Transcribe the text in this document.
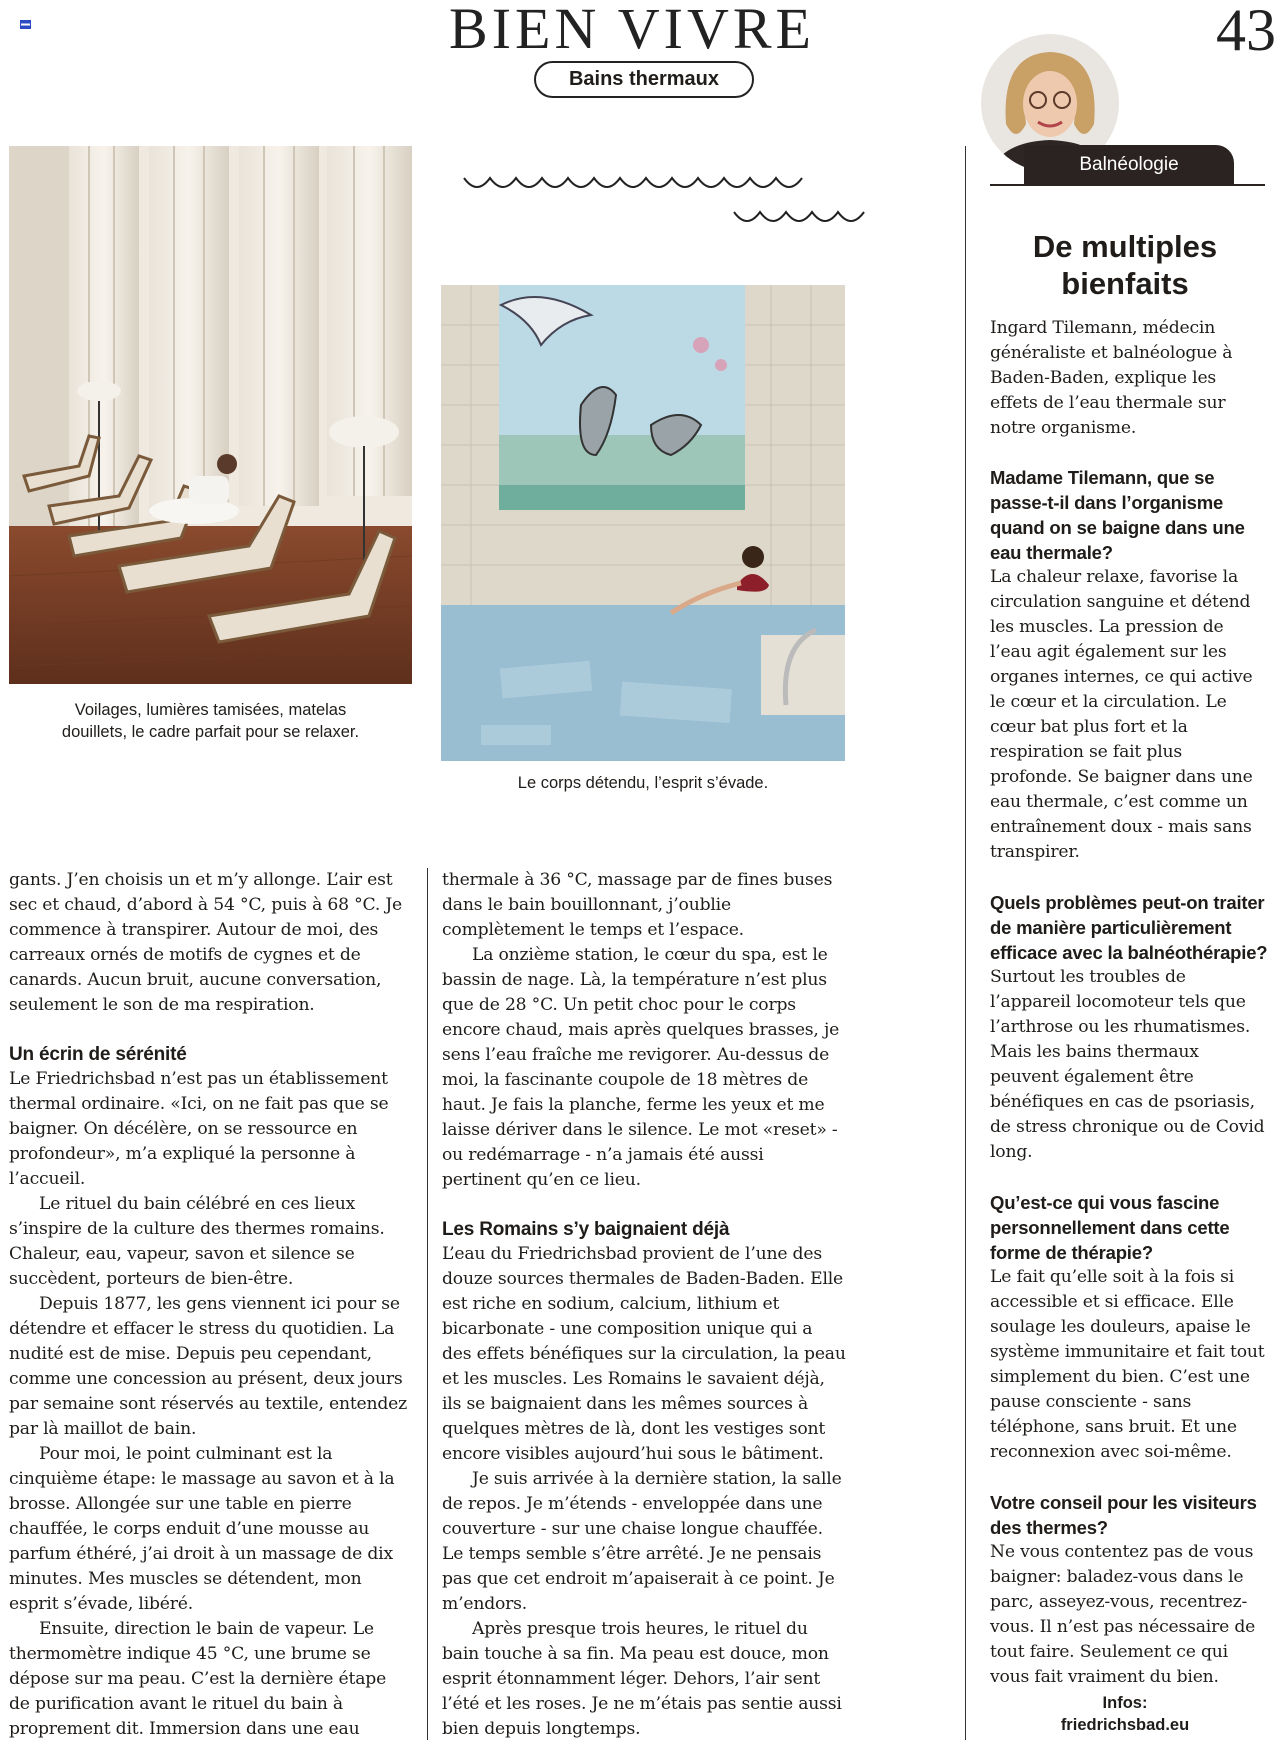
BIEN VIVRE
Bains thermaux
43
Voilages, lumières tamisées, matelas
douillets, le cadre parfait pour se relaxer.
Le corps détendu, l’esprit s’évade.

gants. J’en choisis un et m’y allonge. L’air est sec et chaud, d’abord à 54 °C, puis à 68 °C. Je commence à transpirer. Autour de moi, des carreaux ornés de motifs de cygnes et de canards. Aucun bruit, aucune conversation, seulement le son de ma respiration.

Un écrin de sérénité

Le Friedrichsbad n’est pas un établissement thermal ordinaire. «Ici, on ne fait pas que se baigner. On décélère, on se ressource en profondeur», m’a expliqué la personne à l’accueil.

Le rituel du bain célébré en ces lieux s’inspire de la culture des thermes romains. Chaleur, eau, vapeur, savon et silence se succèdent, porteurs de bien-être.

Depuis 1877, les gens viennent ici pour se détendre et effacer le stress du quotidien. La nudité est de mise. Depuis peu cependant, comme une concession au présent, deux jours par semaine sont réservés au textile, entendez par là maillot de bain.

Pour moi, le point culminant est la cinquième étape: le massage au savon et à la brosse. Allongée sur une table en pierre chauffée, le corps enduit d’une mousse au parfum éthéré, j’ai droit à un massage de dix minutes. Mes muscles se détendent, mon esprit s’évade, libéré.

Ensuite, direction le bain de vapeur. Le thermomètre indique 45 °C, une brume se dépose sur ma peau. C’est la dernière étape de purification avant le rituel du bain à proprement dit. Immersion dans une eau

thermale à 36 °C, massage par de fines buses dans le bain bouillonnant, j’oublie complètement le temps et l’espace.

La onzième station, le cœur du spa, est le bassin de nage. Là, la température n’est plus que de 28 °C. Un petit choc pour le corps encore chaud, mais après quelques brasses, je sens l’eau fraîche me revigorer. Au-dessus de moi, la fascinante coupole de 18 mètres de haut. Je fais la planche, ferme les yeux et me laisse dériver dans le silence. Le mot «reset» - ou redémarrage - n’a jamais été aussi pertinent qu’en ce lieu.

Les Romains s’y baignaient déjà

L’eau du Friedrichsbad provient de l’une des douze sources thermales de Baden-Baden. Elle est riche en sodium, calcium, lithium et bicarbonate - une composition unique qui a des effets bénéfiques sur la circulation, la peau et les muscles. Les Romains le savaient déjà, ils se baignaient dans les mêmes sources à quelques mètres de là, dont les vestiges sont encore visibles aujourd’hui sous le bâtiment.

Je suis arrivée à la dernière station, la salle de repos. Je m’étends - enveloppée dans une couverture - sur une chaise longue chauffée. Le temps semble s’être arrêté. Je ne pensais pas que cet endroit m’apaiserait à ce point. Je m’endors.

Après presque trois heures, le rituel du bain touche à sa fin. Ma peau est douce, mon esprit étonnamment léger. Dehors, l’air sent l’été et les roses. Je ne m’étais pas sentie aussi bien depuis longtemps.

Balnéologie
De multiples bienfaits

Ingard Tilemann, médecin généraliste et balnéologue à Baden-Baden, explique les effets de l’eau thermale sur notre organisme.

Madame Tilemann, que se passe-t-il dans l’organisme quand on se baigne dans une eau thermale?

La chaleur relaxe, favorise la circulation sanguine et détend les muscles. La pression de l’eau agit également sur les organes internes, ce qui active le cœur et la circulation. Le cœur bat plus fort et la respiration se fait plus profonde. Se baigner dans une eau thermale, c’est comme un entraînement doux - mais sans transpirer.

Quels problèmes peut-on traiter de manière particulièrement efficace avec la balnéothérapie?

Surtout les troubles de l’appareil locomoteur tels que l’arthrose ou les rhumatismes. Mais les bains thermaux peuvent également être bénéfiques en cas de psoriasis, de stress chronique ou de Covid long.

Qu’est-ce qui vous fascine personnellement dans cette forme de thérapie?

Le fait qu’elle soit à la fois si accessible et si efficace. Elle soulage les douleurs, apaise le système immunitaire et fait tout simplement du bien. C’est une pause consciente - sans téléphone, sans bruit. Et une reconnexion avec soi-même.

Votre conseil pour les visiteurs des thermes?

Ne vous contentez pas de vous baigner: baladez-vous dans le parc, asseyez-vous, recentrez-vous. Il n’est pas nécessaire de tout faire. Seulement ce qui vous fait vraiment du bien.

Infos:
friedrichsbad.eu
